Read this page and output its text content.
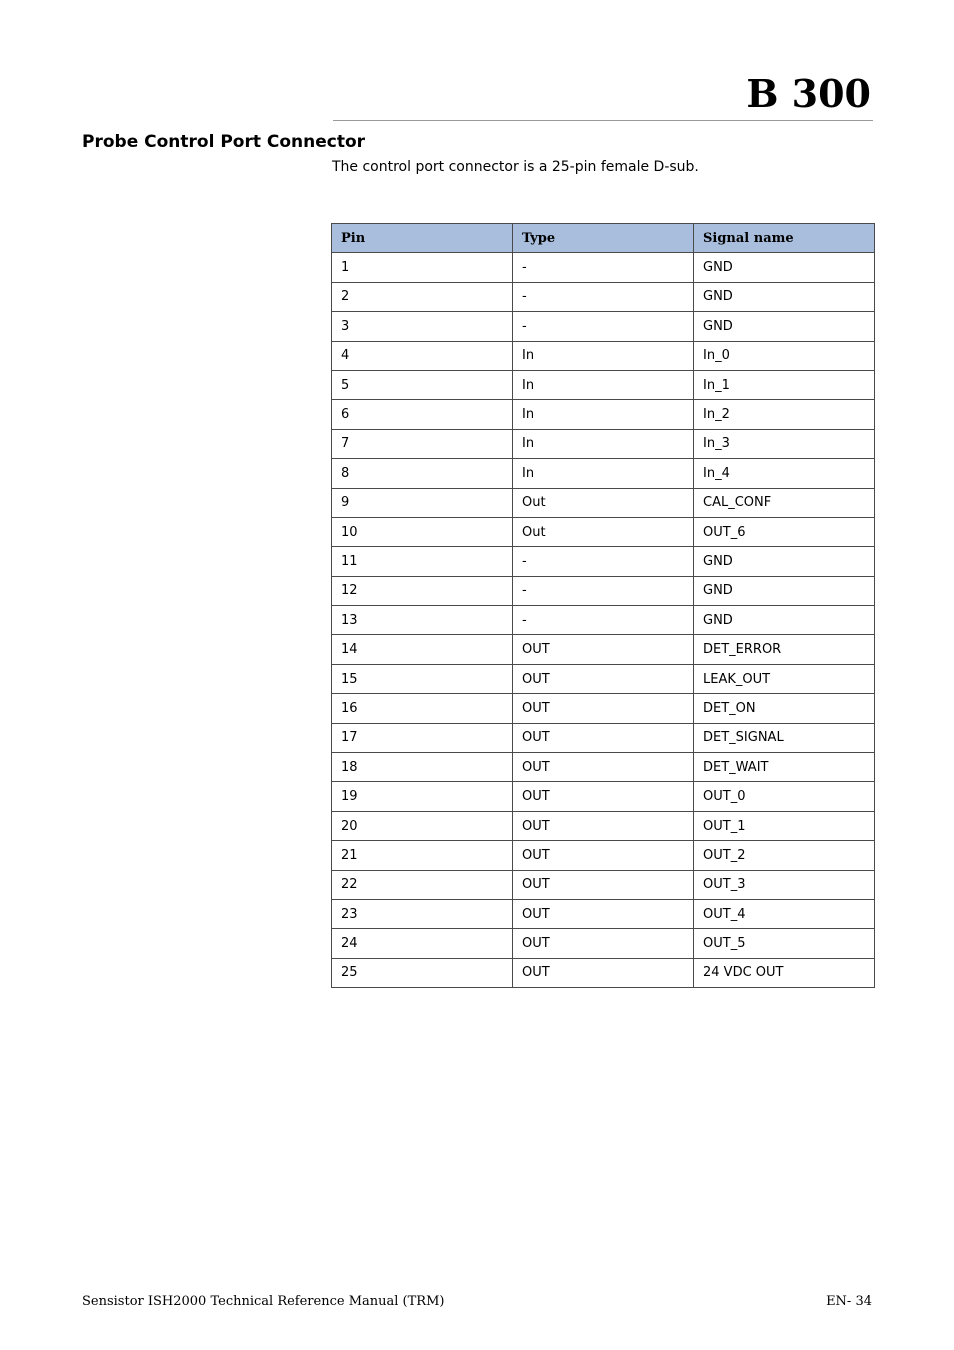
B 300
Probe Control Port Connector
The control port connector is a 25-pin female D-sub.
Pin	Type	Signal name
1	-	GND
2	-	GND
3	-	GND
4	In	In_0
5	In	In_1
6	In	In_2
7	In	In_3
8	In	In_4
9	Out	CAL_CONF
10	Out	OUT_6
11	-	GND
12	-	GND
13	-	GND
14	OUT	DET_ERROR
15	OUT	LEAK_OUT
16	OUT	DET_ON
17	OUT	DET_SIGNAL
18	OUT	DET_WAIT
19	OUT	OUT_0
20	OUT	OUT_1
21	OUT	OUT_2
22	OUT	OUT_3
23	OUT	OUT_4
24	OUT	OUT_5
25	OUT	24 VDC OUT
Sensistor ISH2000 Technical Reference Manual (TRM)	EN- 34
